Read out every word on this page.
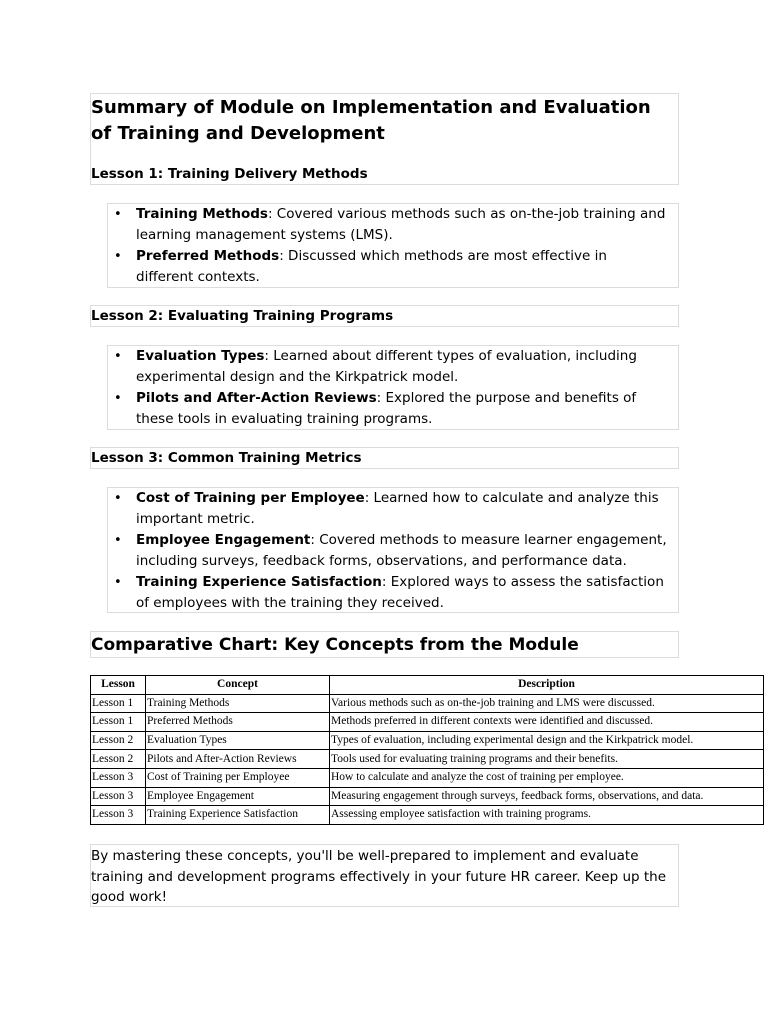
Summary of Module on Implementation and Evaluation of Training and Development
Lesson 1: Training Delivery Methods
• Training Methods: Covered various methods such as on-the-job training and learning management systems (LMS).
• Preferred Methods: Discussed which methods are most effective in different contexts.
Lesson 2: Evaluating Training Programs
• Evaluation Types: Learned about different types of evaluation, including experimental design and the Kirkpatrick model.
• Pilots and After-Action Reviews: Explored the purpose and benefits of these tools in evaluating training programs.
Lesson 3: Common Training Metrics
• Cost of Training per Employee: Learned how to calculate and analyze this important metric.
• Employee Engagement: Covered methods to measure learner engagement, including surveys, feedback forms, observations, and performance data.
• Training Experience Satisfaction: Explored ways to assess the satisfaction of employees with the training they received.
Comparative Chart: Key Concepts from the Module
Lesson	Concept	Description
Lesson 1	Training Methods	Various methods such as on-the-job training and LMS were discussed.
Lesson 1	Preferred Methods	Methods preferred in different contexts were identified and discussed.
Lesson 2	Evaluation Types	Types of evaluation, including experimental design and the Kirkpatrick model.
Lesson 2	Pilots and After-Action Reviews	Tools used for evaluating training programs and their benefits.
Lesson 3	Cost of Training per Employee	How to calculate and analyze the cost of training per employee.
Lesson 3	Employee Engagement	Measuring engagement through surveys, feedback forms, observations, and data.
Lesson 3	Training Experience Satisfaction	Assessing employee satisfaction with training programs.

By mastering these concepts, you'll be well-prepared to implement and evaluate training and development programs effectively in your future HR career. Keep up the good work!
